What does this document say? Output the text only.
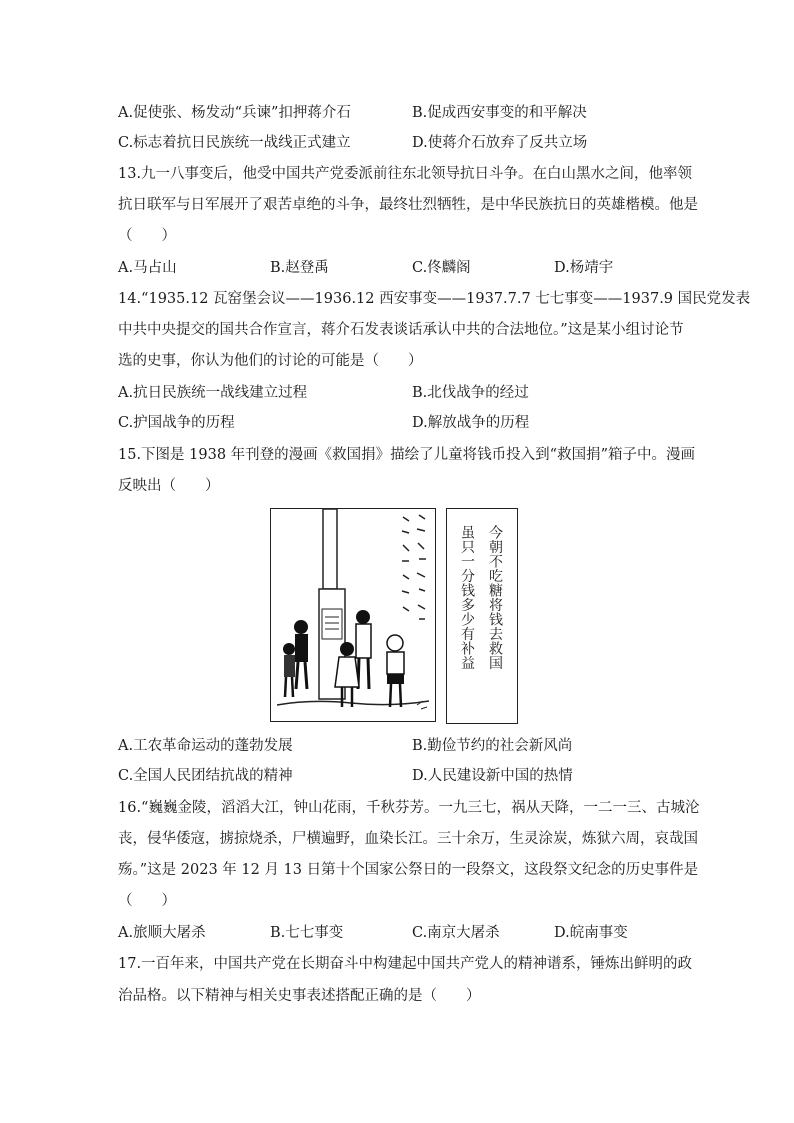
A.促使张、杨发动“兵谏”扣押蒋介石	B.促成西安事变的和平解决
C.标志着抗日民族统一战线正式建立	D.使蒋介石放弃了反共立场
13.九一八事变后，他受中国共产党委派前往东北领导抗日斗争。在白山黑水之间，他率领
抗日联军与日军展开了艰苦卓绝的斗争，最终壮烈牺牲，是中华民族抗日的英雄楷模。他是
（　　）
A.马占山	B.赵登禹	C.佟麟阁	D.杨靖宇
14.“1935.12 瓦窑堡会议——1936.12 西安事变——1937.7.7 七七事变——1937.9 国民党发表
中共中央提交的国共合作宣言，蒋介石发表谈话承认中共的合法地位。”这是某小组讨论节
选的史事，你认为他们的讨论的可能是（　　）
A.抗日民族统一战线建立过程	B.北伐战争的经过
C.护国战争的历程	D.解放战争的历程
15.下图是 1938 年刊登的漫画《救国捐》描绘了儿童将钱币投入到“救国捐”箱子中。漫画
反映出（　　）
今朝不吃糖将钱去救国
虽只一分钱多少有补益
A.工农革命运动的蓬勃发展	B.勤俭节约的社会新风尚
C.全国人民团结抗战的精神	D.人民建设新中国的热情
16.“巍巍金陵，滔滔大江，钟山花雨，千秋芬芳。一九三七，祸从天降，一二一三、古城沦
丧，侵华倭寇，掳掠烧杀，尸横遍野，血染长江。三十余万，生灵涂炭，炼狱六周，哀哉国
殇。”这是 2023 年 12 月 13 日第十个国家公祭日的一段祭文，这段祭文纪念的历史事件是
（　　）
A.旅顺大屠杀	B.七七事变	C.南京大屠杀	D.皖南事变
17.一百年来，中国共产党在长期奋斗中构建起中国共产党人的精神谱系，锤炼出鲜明的政
治品格。以下精神与相关史事表述搭配正确的是（　　）
